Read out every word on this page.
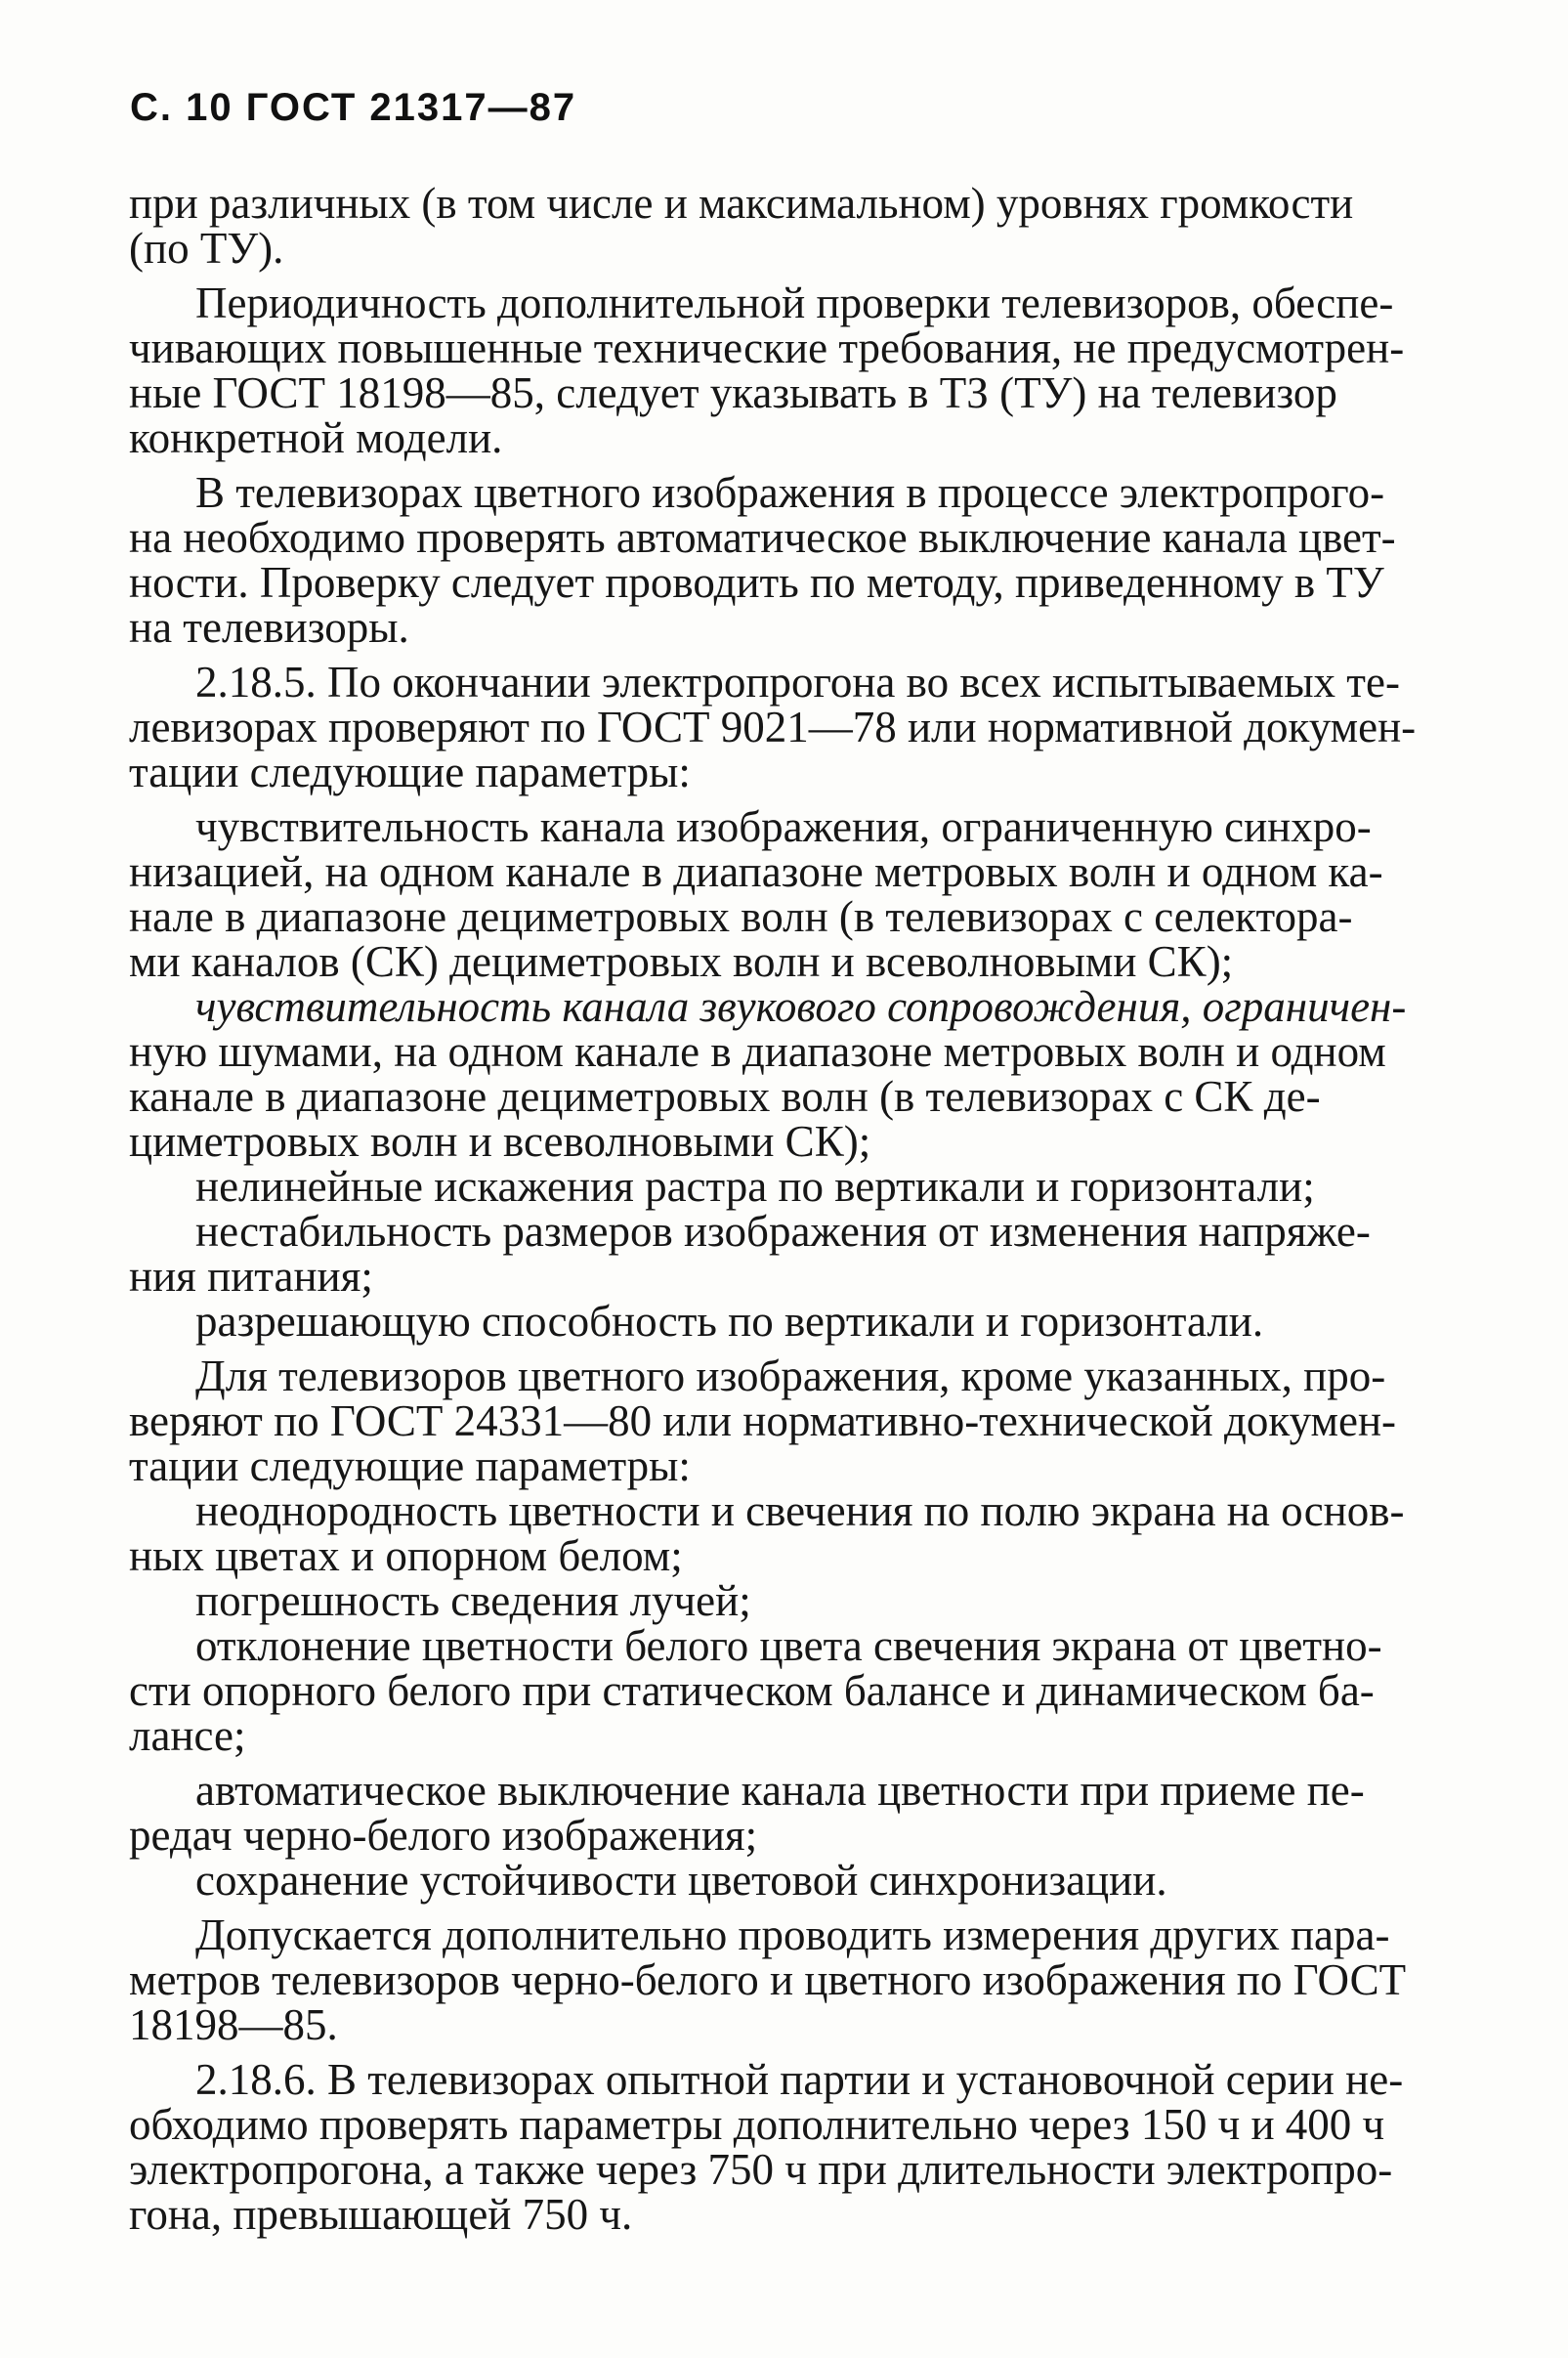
С. 10 ГОСТ 21317—87
при различных (в том числе и максимальном) уровнях громкости
(по ТУ).
Периодичность дополнительной проверки телевизоров, обеспе-
чивающих повышенные технические требования, не предусмотрен-
ные ГОСТ 18198—85, следует указывать в ТЗ (ТУ) на телевизор
конкретной модели.
В телевизорах цветного изображения в процессе электропрого-
на необходимо проверять автоматическое выключение канала цвет-
ности. Проверку следует проводить по методу, приведенному в ТУ
на телевизоры.
2.18.5. По окончании электропрогона во всех испытываемых те-
левизорах проверяют по ГОСТ 9021—78 или нормативной докумен-
тации следующие параметры:
чувствительность канала изображения, ограниченную синхро-
низацией, на одном канале в диапазоне метровых волн и одном ка-
нале в диапазоне дециметровых волн (в телевизорах с селектора-
ми каналов (СК) дециметровых волн и всеволновыми СК);
чувствительность канала звукового сопровождения, ограничен-
ную шумами, на одном канале в диапазоне метровых волн и одном
канале в диапазоне дециметровых волн (в телевизорах с СК де-
циметровых волн и всеволновыми СК);
нелинейные искажения растра по вертикали и горизонтали;
нестабильность размеров изображения от изменения напряже-
ния питания;
разрешающую способность по вертикали и горизонтали.
Для телевизоров цветного изображения, кроме указанных, про-
веряют по ГОСТ 24331—80 или нормативно-технической докумен-
тации следующие параметры:
неоднородность цветности и свечения по полю экрана на основ-
ных цветах и опорном белом;
погрешность сведения лучей;
отклонение цветности белого цвета свечения экрана от цветно-
сти опорного белого при статическом балансе и динамическом ба-
лансе;
автоматическое выключение канала цветности при приеме пе-
редач черно-белого изображения;
сохранение устойчивости цветовой синхронизации.
Допускается дополнительно проводить измерения других пара-
метров телевизоров черно-белого и цветного изображения по ГОСТ
18198—85.
2.18.6. В телевизорах опытной партии и установочной серии не-
обходимо проверять параметры дополнительно через 150 ч и 400 ч
электропрогона, а также через 750 ч при длительности электропро-
гона, превышающей 750 ч.
